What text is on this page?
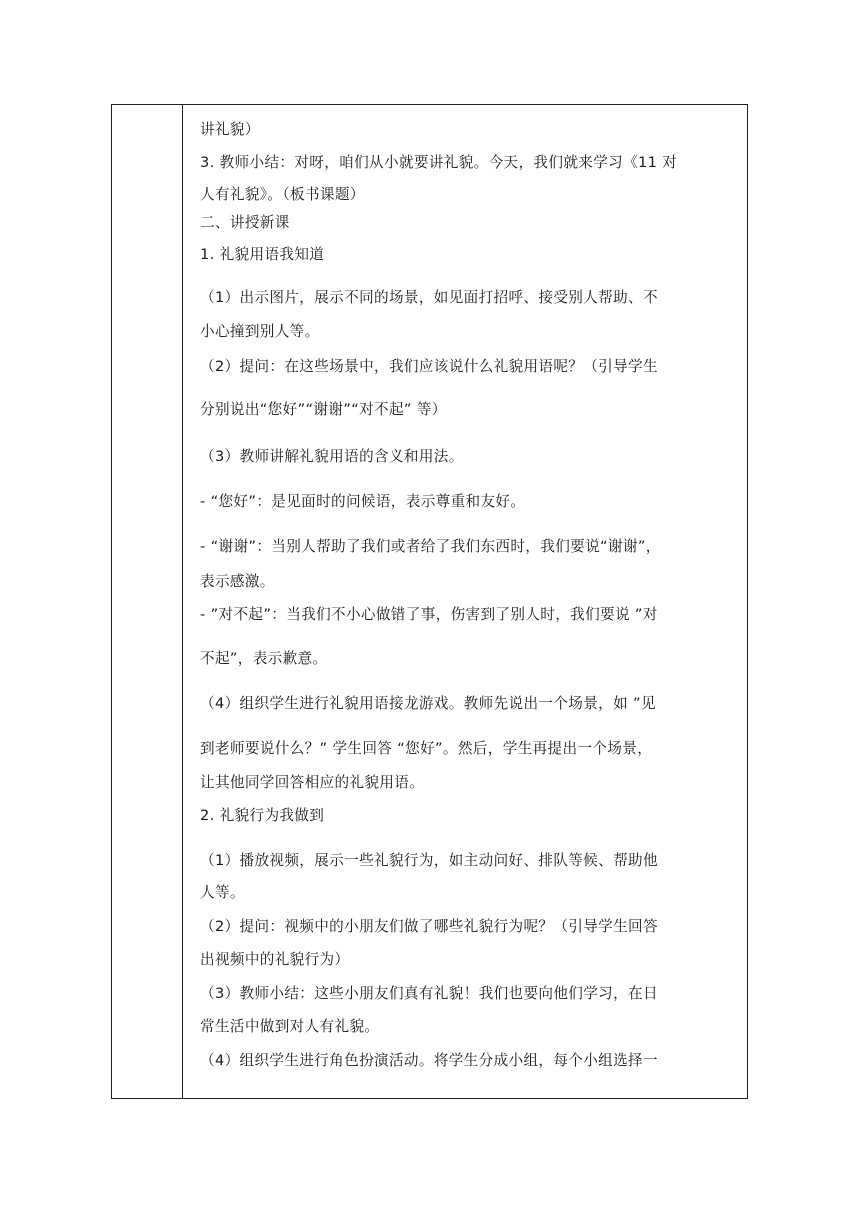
讲礼貌）
3. 教师小结：对呀，咱们从小就要讲礼貌。今天，我们就来学习《11 对
人有礼貌》。（板书课题）
二、讲授新课
1. 礼貌用语我知道
（1）出示图片，展示不同的场景，如见面打招呼、接受别人帮助、不
小心撞到别人等。
（2）提问：在这些场景中，我们应该说什么礼貌用语呢？（引导学生
分别说出“您好”“谢谢”“对不起” 等）
（3）教师讲解礼貌用语的含义和用法。
- “您好”：是见面时的问候语，表示尊重和友好。
- “谢谢”：当别人帮助了我们或者给了我们东西时，我们要说“谢谢”，
表示感激。
- ”对不起”：当我们不小心做错了事，伤害到了别人时，我们要说 ”对
不起”，表示歉意。
（4）组织学生进行礼貌用语接龙游戏。教师先说出一个场景，如 ”见
到老师要说什么？” 学生回答 “您好”。然后，学生再提出一个场景，
让其他同学回答相应的礼貌用语。
2. 礼貌行为我做到
（1）播放视频，展示一些礼貌行为，如主动问好、排队等候、帮助他
人等。
（2）提问：视频中的小朋友们做了哪些礼貌行为呢？（引导学生回答
出视频中的礼貌行为）
（3）教师小结：这些小朋友们真有礼貌！我们也要向他们学习，在日
常生活中做到对人有礼貌。
（4）组织学生进行角色扮演活动。将学生分成小组，每个小组选择一
